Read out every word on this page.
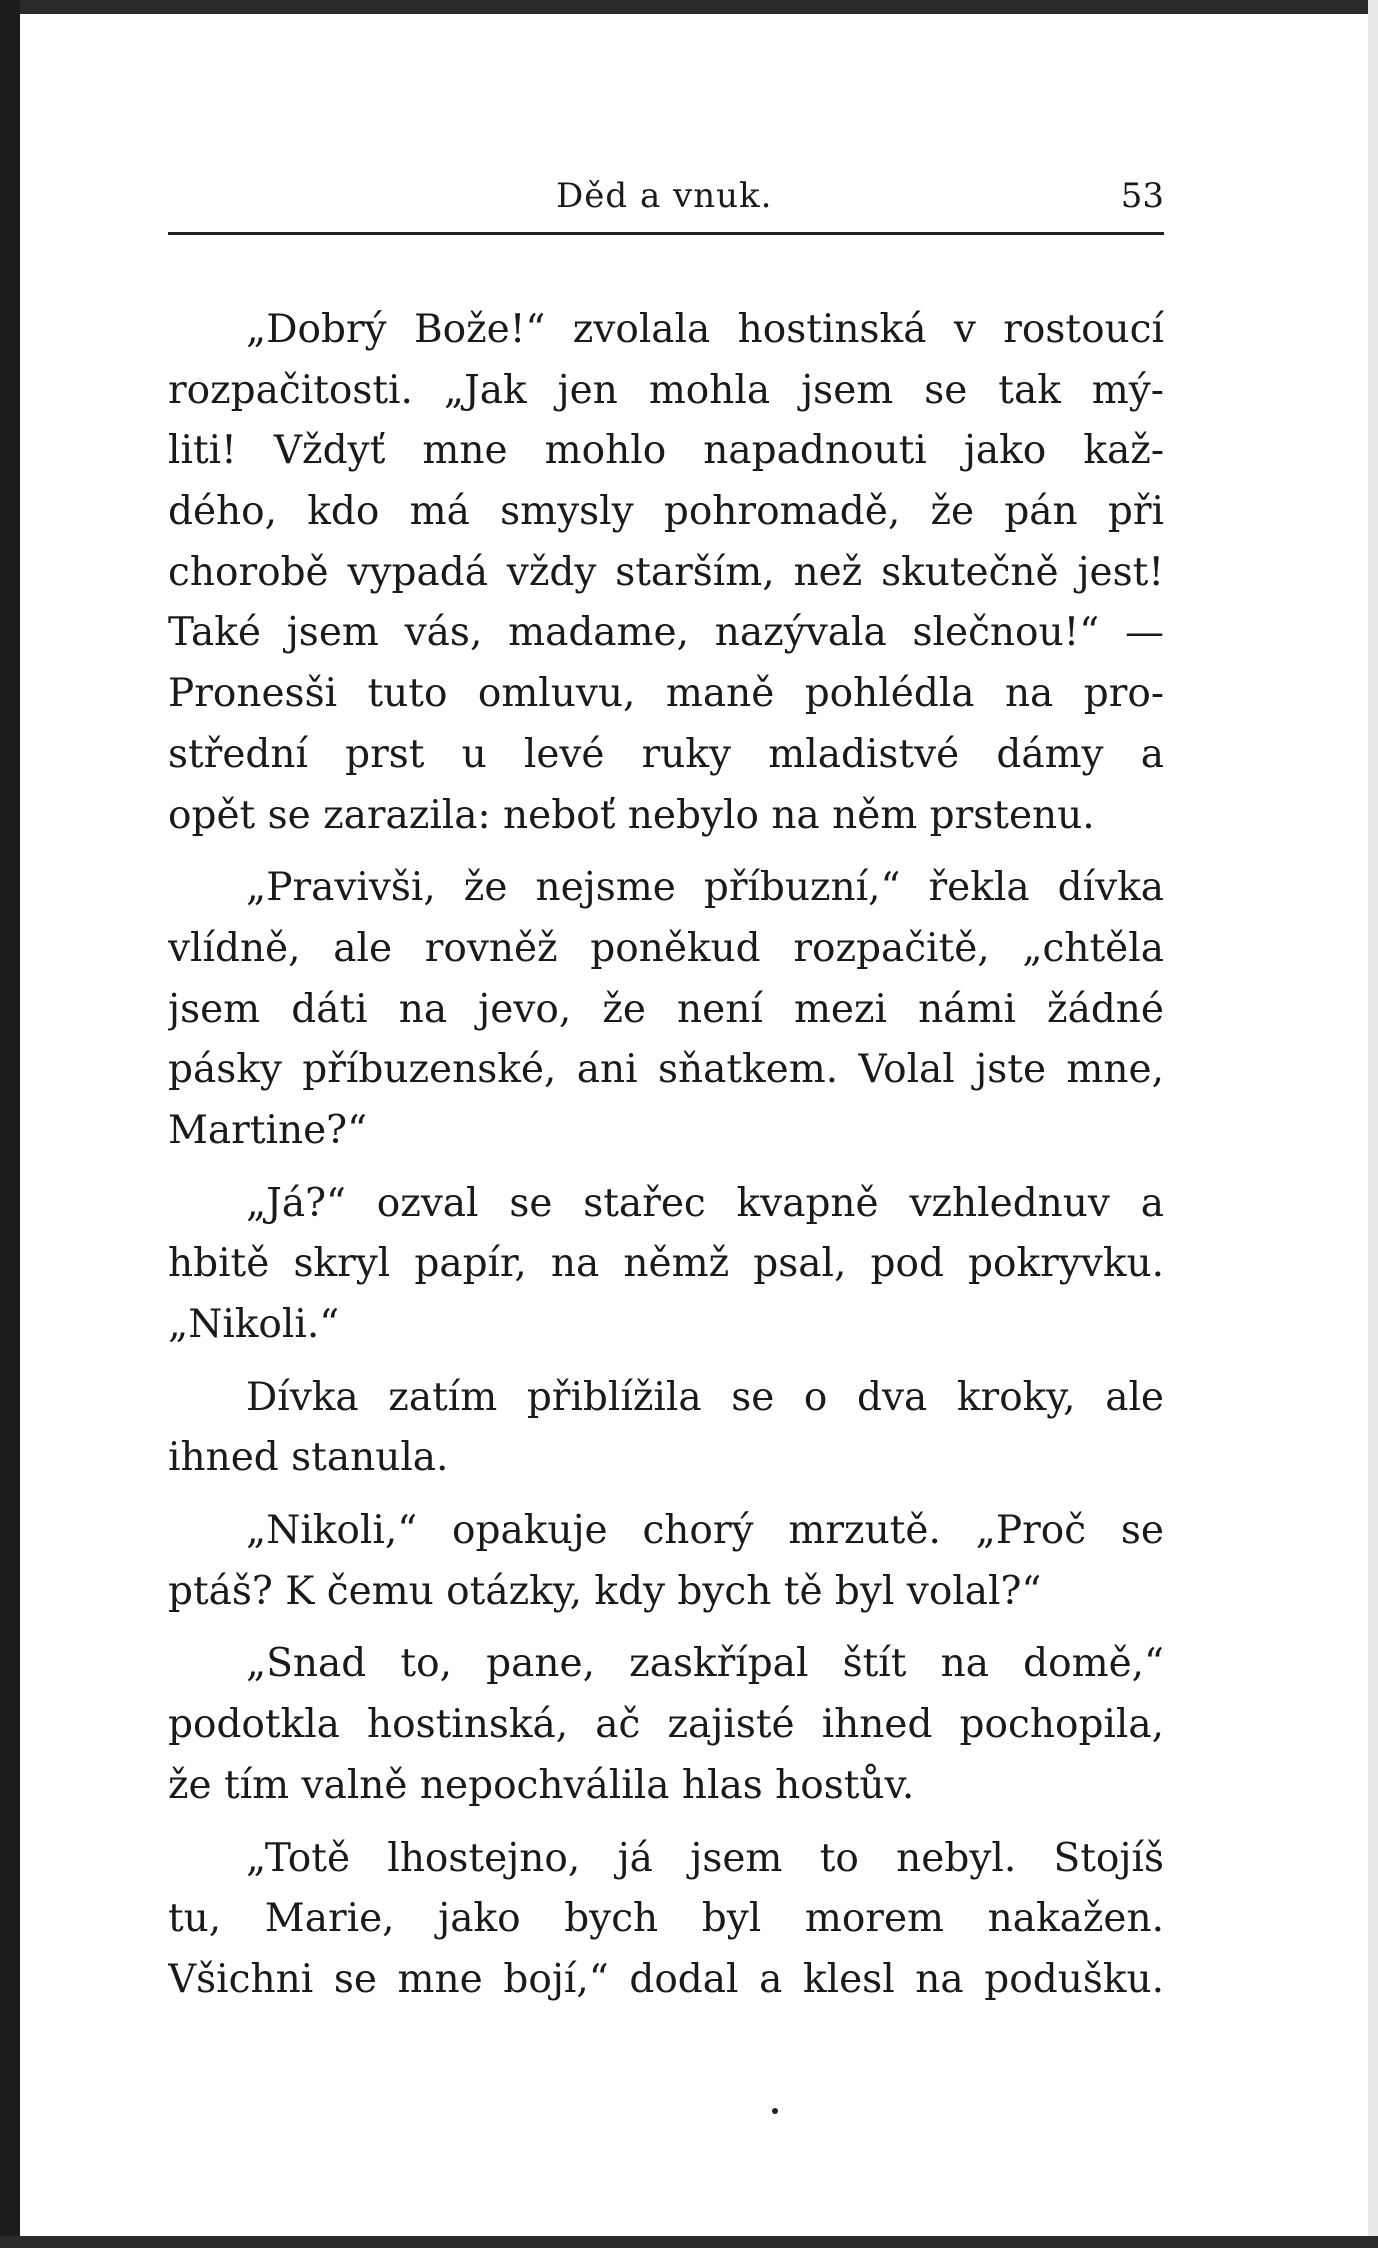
Děd a vnuk.	53
„Dobrý Bože!“ zvolala hostinská v rostoucí
rozpačitosti. „Jak jen mohla jsem se tak mý-
liti! Vždyť mne mohlo napadnouti jako kaž-
dého, kdo má smysly pohromadě, že pán při
chorobě vypadá vždy starším, než skutečně jest!
Také jsem vás, madame, nazývala slečnou!“ —
Pronesši tuto omluvu, maně pohlédla na pro-
střední prst u levé ruky mladistvé dámy a
opět se zarazila: neboť nebylo na něm prstenu.
„Pravivši, že nejsme příbuzní,“ řekla dívka
vlídně, ale rovněž poněkud rozpačitě, „chtěla
jsem dáti na jevo, že není mezi námi žádné
pásky příbuzenské, ani sňatkem. Volal jste mne,
Martine?“
„Já?“ ozval se stařec kvapně vzhlednuv a
hbitě skryl papír, na němž psal, pod pokryvku.
„Nikoli.“
Dívka zatím přiblížila se o dva kroky, ale
ihned stanula.
„Nikoli,“ opakuje chorý mrzutě. „Proč se
ptáš? K čemu otázky, kdy bych tě byl volal?“
„Snad to, pane, zaskřípal štít na domě,“
podotkla hostinská, ač zajisté ihned pochopila,
že tím valně nepochválila hlas hostův.
„Totě lhostejno, já jsem to nebyl. Stojíš
tu, Marie, jako bych byl morem nakažen.
Všichni se mne bojí,“ dodal a klesl na podušku.
